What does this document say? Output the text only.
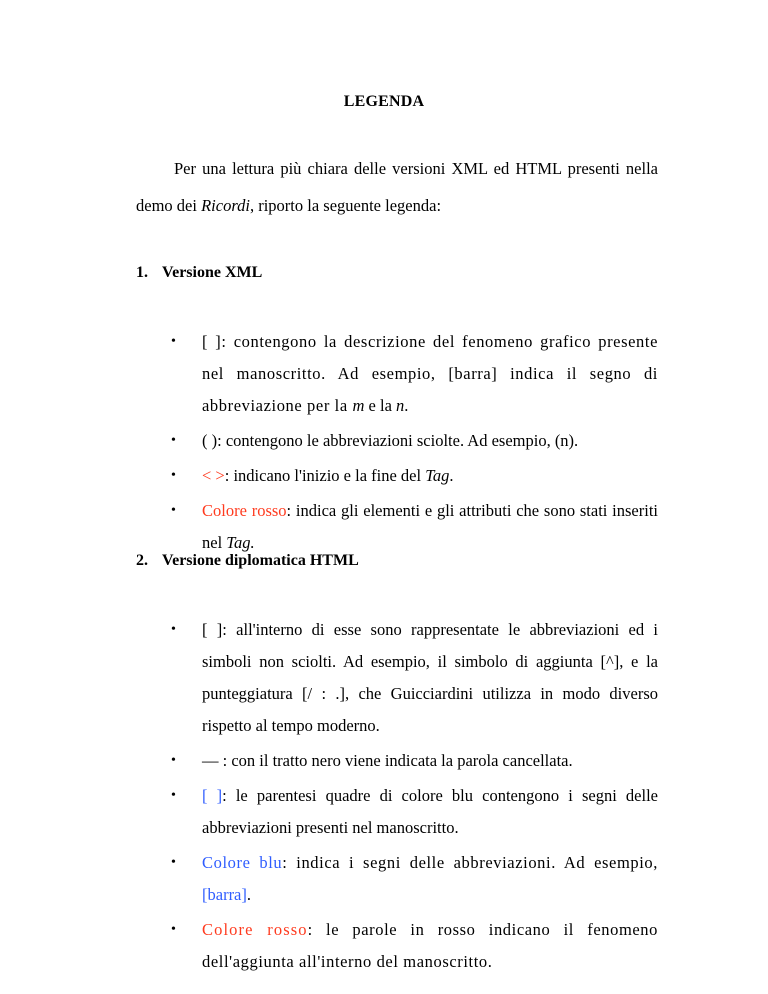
LEGENDA

Per una lettura più chiara delle versioni XML ed HTML presenti nella demo dei Ricordi, riporto la seguente legenda:

1. Versione XML

• [ ]: contengono la descrizione del fenomeno grafico presente nel manoscritto. Ad esempio, [barra] indica il segno di abbreviazione per la m e la n.
• ( ): contengono le abbreviazioni sciolte. Ad esempio, (n).
• < >: indicano l'inizio e la fine del Tag.
• Colore rosso: indica gli elementi e gli attributi che sono stati inseriti nel Tag.

2. Versione diplomatica HTML

• [ ]: all'interno di esse sono rappresentate le abbreviazioni ed i simboli non sciolti. Ad esempio, il simbolo di aggiunta [^], e la punteggiatura [/ : .], che Guicciardini utilizza in modo diverso rispetto al tempo moderno.
• — : con il tratto nero viene indicata la parola cancellata.
• [ ]: le parentesi quadre di colore blu contengono i segni delle abbreviazioni presenti nel manoscritto.
• Colore blu: indica i segni delle abbreviazioni. Ad esempio, [barra].
• Colore rosso: le parole in rosso indicano il fenomeno dell'aggiunta all'interno del manoscritto.
